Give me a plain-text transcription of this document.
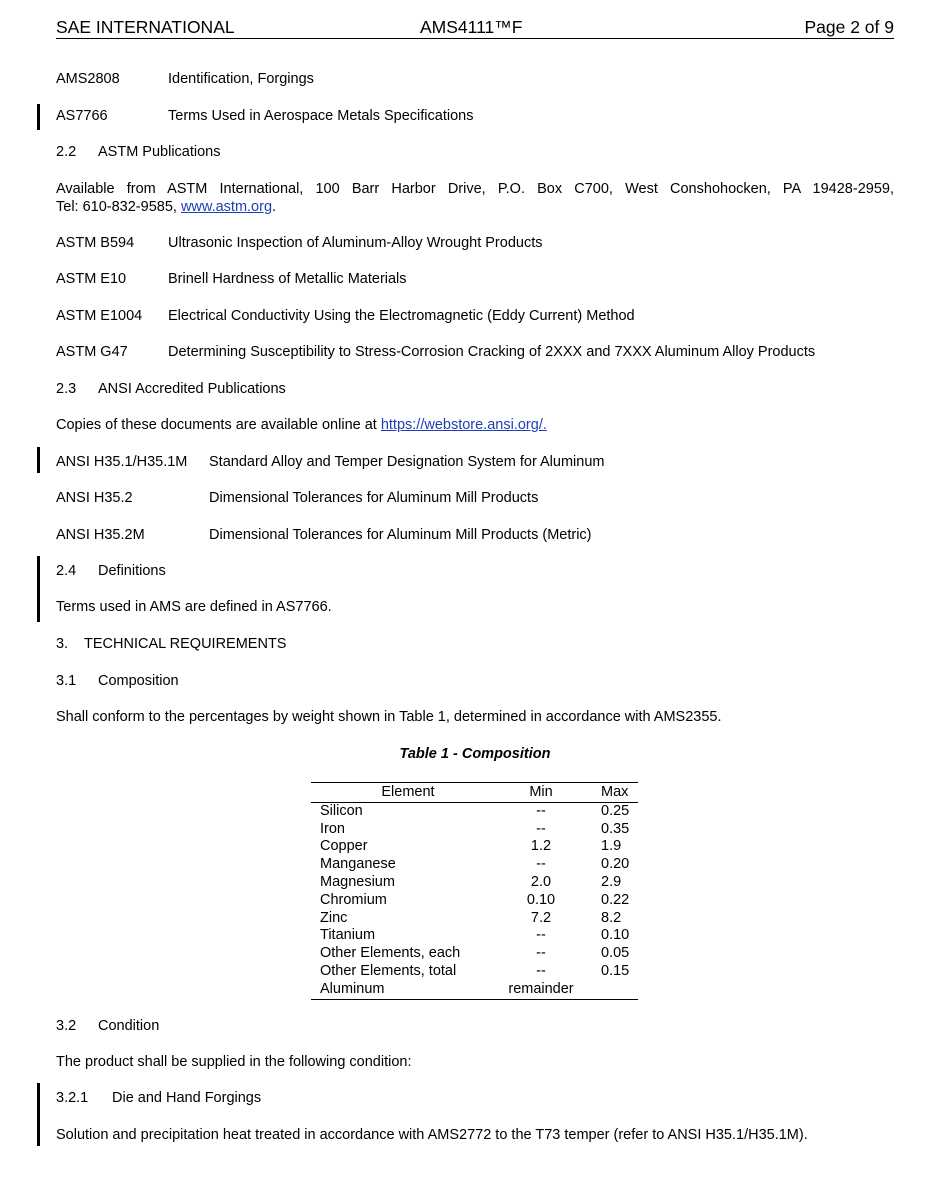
SAE INTERNATIONAL	AMS4111™F	Page 2 of 9
AMS2808	Identification, Forgings
AS7766	Terms Used in Aerospace Metals Specifications
2.2 ASTM Publications
Available from ASTM International, 100 Barr Harbor Drive, P.O. Box C700, West Conshohocken, PA 19428-2959,
Tel: 610-832-9585, www.astm.org.
ASTM B594 Ultrasonic Inspection of Aluminum-Alloy Wrought Products
ASTM E10	Brinell Hardness of Metallic Materials
ASTM E1004 Electrical Conductivity Using the Electromagnetic (Eddy Current) Method
ASTM G47	Determining Susceptibility to Stress-Corrosion Cracking of 2XXX and 7XXX Aluminum Alloy Products
2.3 ANSI Accredited Publications
Copies of these documents are available online at https://webstore.ansi.org/.
ANSI H35.1/H35.1M Standard Alloy and Temper Designation System for Aluminum
ANSI H35.2	Dimensional Tolerances for Aluminum Mill Products
ANSI H35.2M	Dimensional Tolerances for Aluminum Mill Products (Metric)
2.4 Definitions
Terms used in AMS are defined in AS7766.
3. TECHNICAL REQUIREMENTS
3.1 Composition
Shall conform to the percentages by weight shown in Table 1, determined in accordance with AMS2355.
Table 1 - Composition
Element	Min	Max
Silicon	--	0.25
Iron	--	0.35
Copper	1.2	1.9
Manganese	--	0.20
Magnesium	2.0	2.9
Chromium	0.10	0.22
Zinc	7.2	8.2
Titanium	--	0.10
Other Elements, each	--	0.05
Other Elements, total	--	0.15
Aluminum	remainder	
3.2 Condition
The product shall be supplied in the following condition:
3.2.1 Die and Hand Forgings
Solution and precipitation heat treated in accordance with AMS2772 to the T73 temper (refer to ANSI H35.1/H35.1M).
